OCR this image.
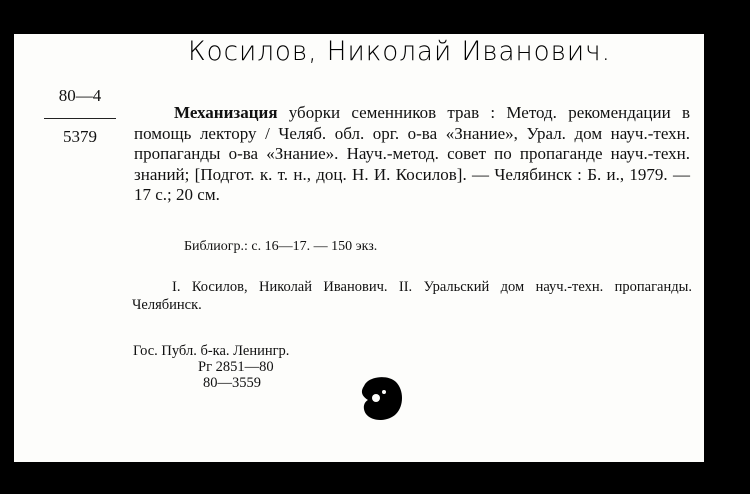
Косилов, Николай Иванович.
80—4
5379
Механизация уборки семенников трав : Метод. рекомендации в помощь лектору / Челяб. обл. орг. о-ва «Знание», Урал. дом науч.-техн. пропаганды о-ва «Знание». Науч.-метод. совет по пропаганде науч.-техн. знаний; [Подгот. к. т. н., доц. Н. И. Косилов]. — Челябинск : Б. и., 1979. — 17 с.; 20 см.
Библиогр.: с. 16—17. — 150 экз.
I. Косилов, Николай Иванович. II. Уральский дом науч.-техн. пропаганды. Челябинск.
Гос. Публ. б-ка. Ленингр.
Рг 2851—80
80—3559
